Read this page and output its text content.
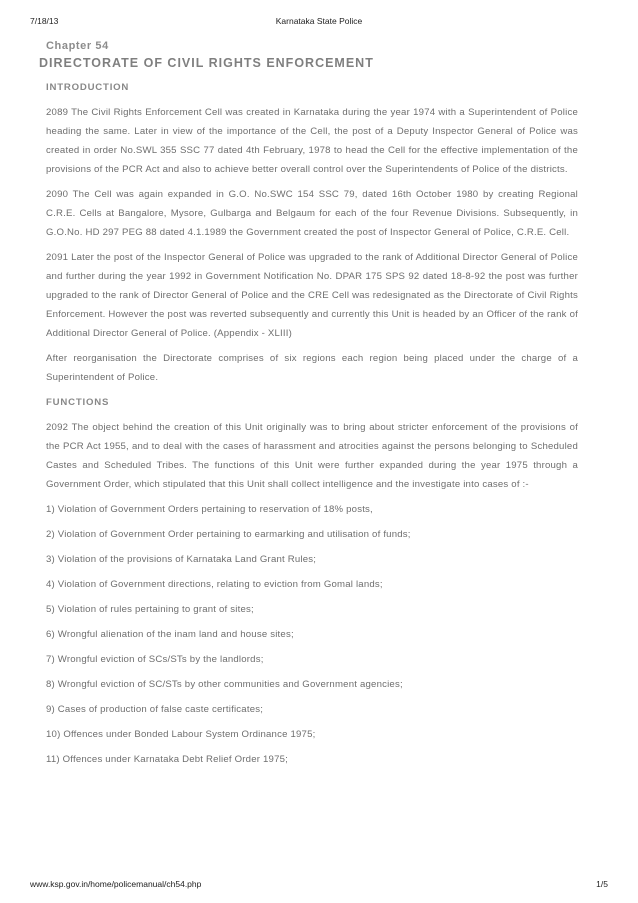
7/18/13	Karnataka State Police
Chapter 54
DIRECTORATE OF CIVIL RIGHTS ENFORCEMENT
INTRODUCTION

2089 The Civil Rights Enforcement Cell was created in Karnataka during the year 1974 with a Superintendent of Police heading the same. Later in view of the importance of the Cell, the post of a Deputy Inspector General of Police was created in order No.SWL 355 SSC 77 dated 4th February, 1978 to head the Cell for the effective implementation of the provisions of the PCR Act and also to achieve better overall control over the Superintendents of Police of the districts.

2090 The Cell was again expanded in G.O. No.SWC 154 SSC 79, dated 16th October 1980 by creating Regional C.R.E. Cells at Bangalore, Mysore, Gulbarga and Belgaum for each of the four Revenue Divisions. Subsequently, in G.O.No. HD 297 PEG 88 dated 4.1.1989 the Government created the post of Inspector General of Police, C.R.E. Cell.

2091 Later the post of the Inspector General of Police was upgraded to the rank of Additional Director General of Police and further during the year 1992 in Government Notification No. DPAR 175 SPS 92 dated 18-8-92 the post was further upgraded to the rank of Director General of Police and the CRE Cell was redesignated as the Directorate of Civil Rights Enforcement. However the post was reverted subsequently and currently this Unit is headed by an Officer of the rank of Additional Director General of Police. (Appendix - XLIII)

After reorganisation the Directorate comprises of six regions each region being placed under the charge of a Superintendent of Police.

FUNCTIONS

2092 The object behind the creation of this Unit originally was to bring about stricter enforcement of the provisions of the PCR Act 1955, and to deal with the cases of harassment and atrocities against the persons belonging to Scheduled Castes and Scheduled Tribes. The functions of this Unit were further expanded during the year 1975 through a Government Order, which stipulated that this Unit shall collect intelligence and the investigate into cases of :-

1) Violation of Government Orders pertaining to reservation of 18% posts,
2) Violation of Government Order pertaining to earmarking and utilisation of funds;
3) Violation of the provisions of Karnataka Land Grant Rules;
4) Violation of Government directions, relating to eviction from Gomal lands;
5) Violation of rules pertaining to grant of sites;
6) Wrongful alienation of the inam land and house sites;
7) Wrongful eviction of SCs/STs by the landlords;
8) Wrongful eviction of SC/STs by other communities and Government agencies;
9) Cases of production of false caste certificates;
10) Offences under Bonded Labour System Ordinance 1975;
11) Offences under Karnataka Debt Relief Order 1975;
www.ksp.gov.in/home/policemanual/ch54.php	1/5
